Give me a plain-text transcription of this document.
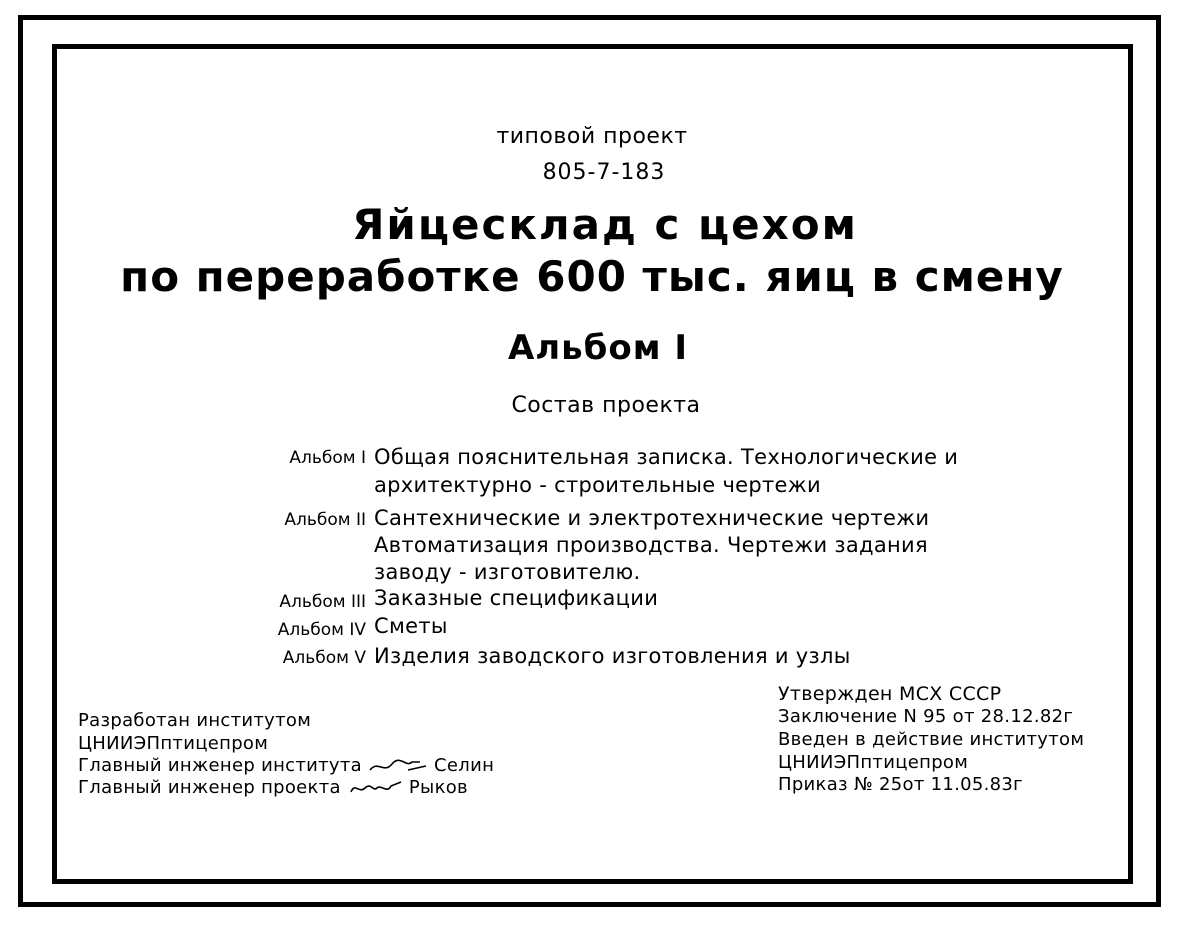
типовой проект
805-7-183
Яйцесклад с цехом
по переработке 600 тыс. яиц в смену
Альбом I
Состав проекта
Альбом I Общая пояснительная записка. Технологические и
архитектурно - строительные чертежи
Альбом II Сантехнические и электротехнические чертежи
Автоматизация производства. Чертежи задания
заводу - изготовителю.
Альбом III Заказные спецификации
Альбом IV Сметы
Альбом V Изделия заводского изготовления и узлы
Разработан институтом
ЦНИИЭПптицепром
Главный инженер института	Селин
Главный инженер проекта	Рыков
Утвержден МСХ СССР
Заключение N 95 от 28.12.82г
Введен в действие институтом
ЦНИИЭПптицепром
Приказ № 25от 11.05.83г
